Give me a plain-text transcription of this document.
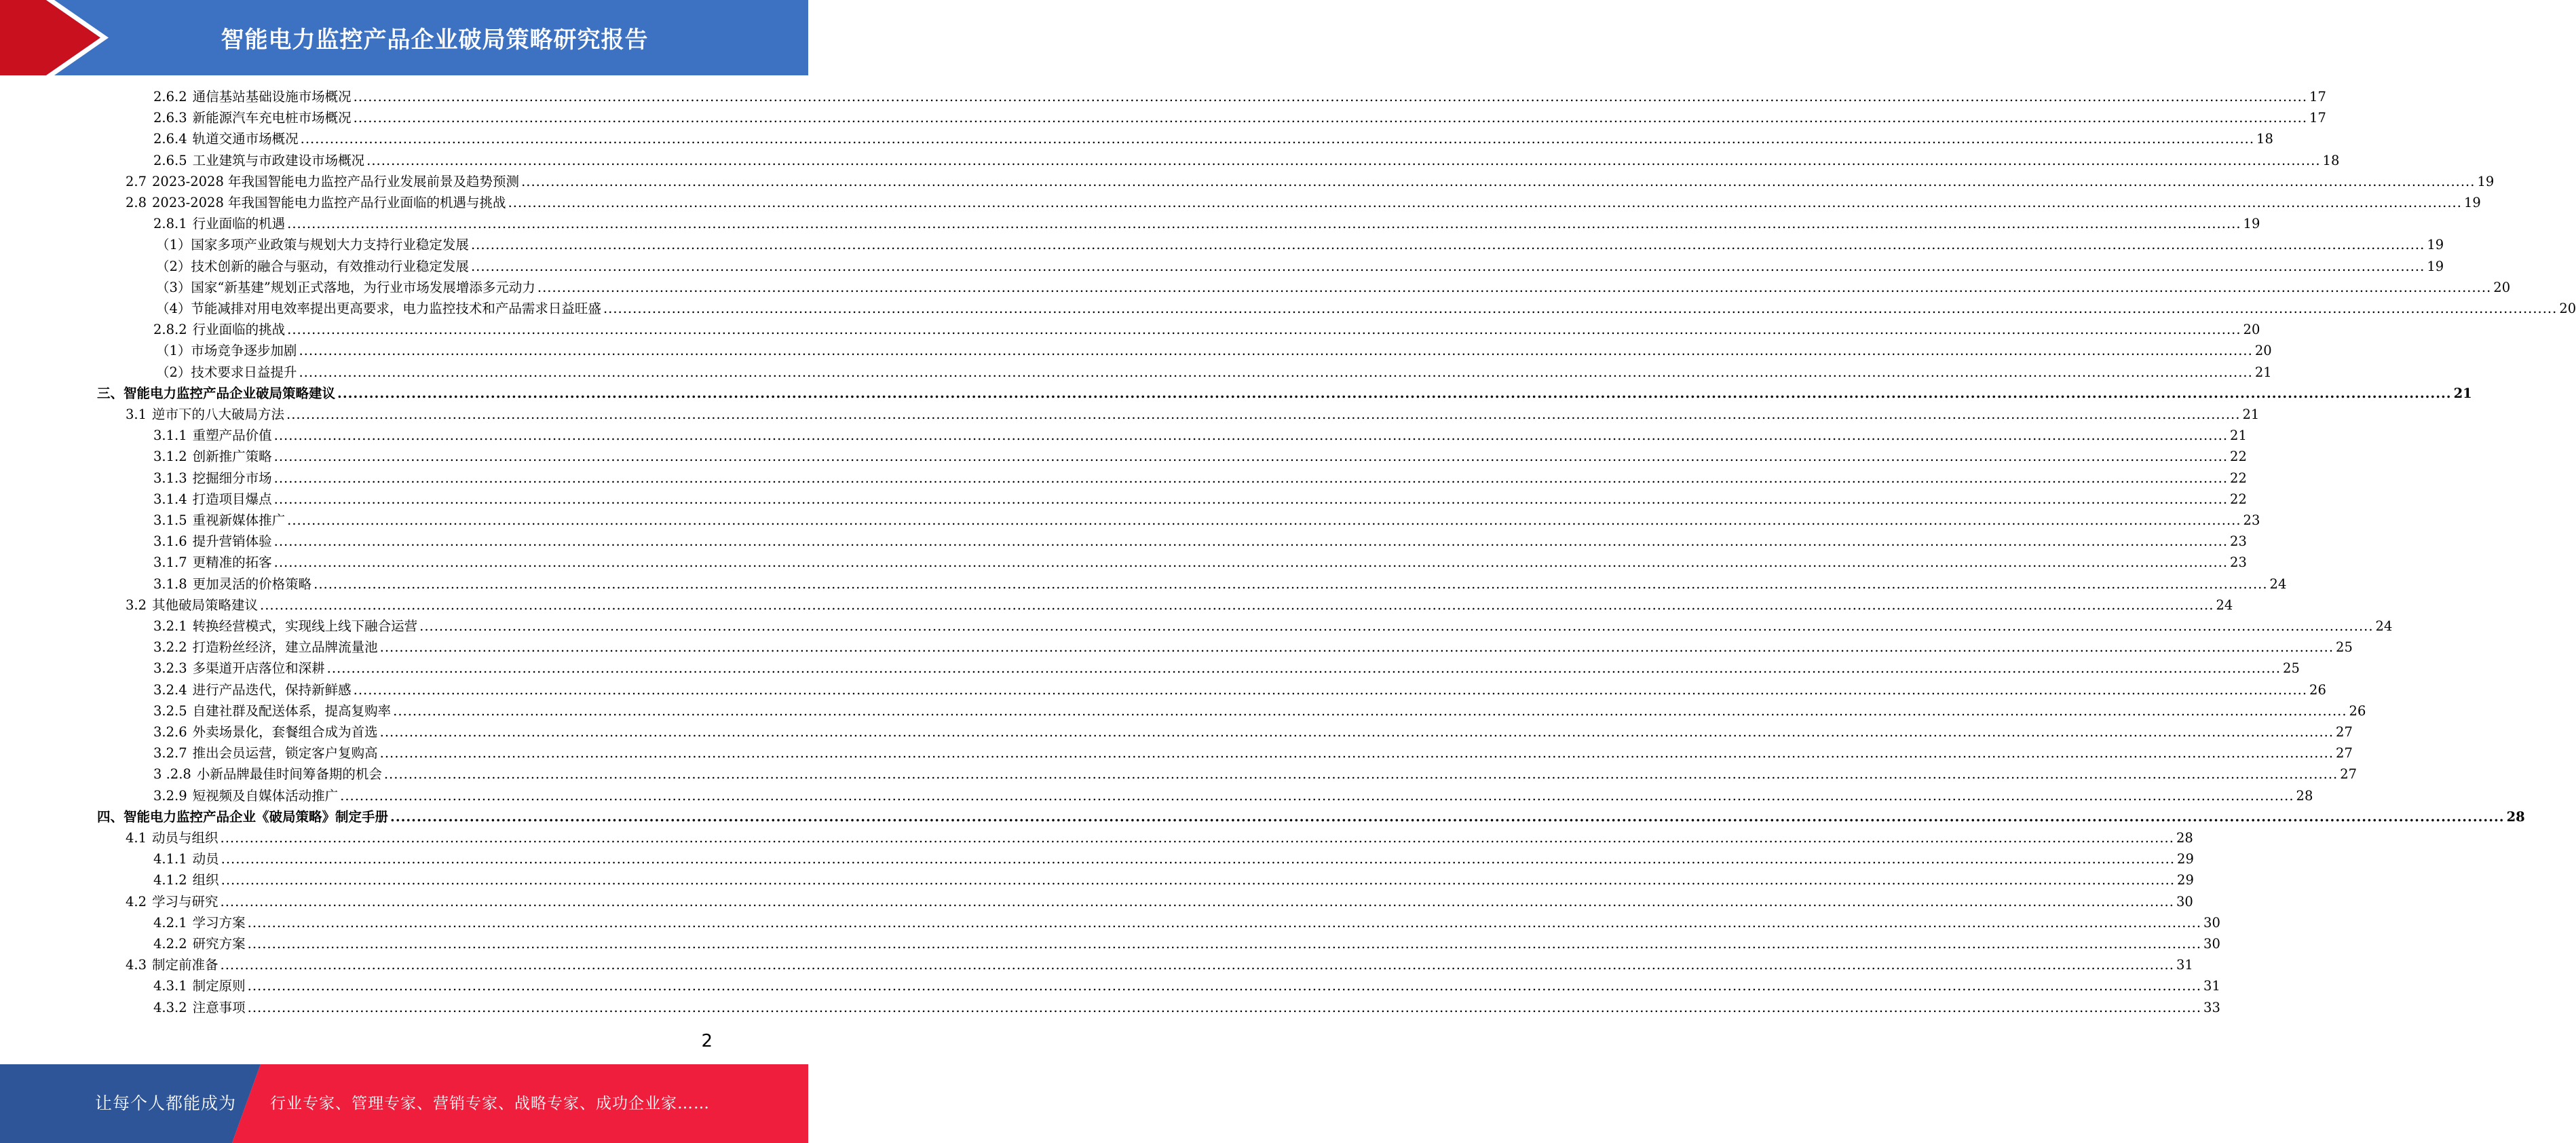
智能电力监控产品企业破局策略研究报告
2.6.2 通信基站基础设施市场概况 ................................................................................................................................................................................................................................................................................................................................................................................................................ 17
2.6.3 新能源汽车充电桩市场概况 ................................................................................................................................................................................................................................................................................................................................................................................................................ 17
2.6.4 轨道交通市场概况 ................................................................................................................................................................................................................................................................................................................................................................................................................ 18
2.6.5 工业建筑与市政建设市场概况 ................................................................................................................................................................................................................................................................................................................................................................................................................ 18
2.7 2023-2028 年我国智能电力监控产品行业发展前景及趋势预测 ................................................................................................................................................................................................................................................................................................................................................................................................................ 19
2.8 2023-2028 年我国智能电力监控产品行业面临的机遇与挑战 ................................................................................................................................................................................................................................................................................................................................................................................................................ 19
2.8.1 行业面临的机遇 ................................................................................................................................................................................................................................................................................................................................................................................................................ 19
（1） 国家多项产业政策与规划大力支持行业稳定发展 ................................................................................................................................................................................................................................................................................................................................................................................................................ 19
（2） 技术创新的融合与驱动，有效推动行业稳定发展 ................................................................................................................................................................................................................................................................................................................................................................................................................ 19
（3） 国家“新基建”规划正式落地，为行业市场发展增添多元动力 ................................................................................................................................................................................................................................................................................................................................................................................................................ 20
（4） 节能减排对用电效率提出更高要求，电力监控技术和产品需求日益旺盛 ................................................................................................................................................................................................................................................................................................................................................................................................................ 20
2.8.2 行业面临的挑战 ................................................................................................................................................................................................................................................................................................................................................................................................................ 20
（1） 市场竞争逐步加剧 ................................................................................................................................................................................................................................................................................................................................................................................................................ 20
（2） 技术要求日益提升 ................................................................................................................................................................................................................................................................................................................................................................................................................ 21
三、 智能电力监控产品企业破局策略建议 ................................................................................................................................................................................................................................................................................................................................................................................................................ 21
3.1 逆市下的八大破局方法 ................................................................................................................................................................................................................................................................................................................................................................................................................ 21
3.1.1 重塑产品价值 ................................................................................................................................................................................................................................................................................................................................................................................................................ 21
3.1.2 创新推广策略 ................................................................................................................................................................................................................................................................................................................................................................................................................ 22
3.1.3 挖掘细分市场 ................................................................................................................................................................................................................................................................................................................................................................................................................ 22
3.1.4 打造项目爆点 ................................................................................................................................................................................................................................................................................................................................................................................................................ 22
3.1.5 重视新媒体推广 ................................................................................................................................................................................................................................................................................................................................................................................................................ 23
3.1.6 提升营销体验 ................................................................................................................................................................................................................................................................................................................................................................................................................ 23
3.1.7 更精准的拓客 ................................................................................................................................................................................................................................................................................................................................................................................................................ 23
3.1.8 更加灵活的价格策略 ................................................................................................................................................................................................................................................................................................................................................................................................................ 24
3.2 其他破局策略建议 ................................................................................................................................................................................................................................................................................................................................................................................................................ 24
3.2.1 转换经营模式，实现线上线下融合运营 ................................................................................................................................................................................................................................................................................................................................................................................................................ 24
3.2.2 打造粉丝经济，建立品牌流量池 ................................................................................................................................................................................................................................................................................................................................................................................................................ 25
3.2.3 多渠道开店落位和深耕 ................................................................................................................................................................................................................................................................................................................................................................................................................ 25
3.2.4 进行产品迭代，保持新鲜感 ................................................................................................................................................................................................................................................................................................................................................................................................................ 26
3.2.5 自建社群及配送体系，提高复购率 ................................................................................................................................................................................................................................................................................................................................................................................................................ 26
3.2.6 外卖场景化，套餐组合成为首选 ................................................................................................................................................................................................................................................................................................................................................................................................................ 27
3.2.7 推出会员运营，锁定客户复购高 ................................................................................................................................................................................................................................................................................................................................................................................................................ 27
3 .2.8 小新品牌最佳时间筹备期的机会 ................................................................................................................................................................................................................................................................................................................................................................................................................ 27
3.2.9 短视频及自媒体活动推广 ................................................................................................................................................................................................................................................................................................................................................................................................................ 28
四、 智能电力监控产品企业《破局策略》制定手册 ................................................................................................................................................................................................................................................................................................................................................................................................................ 28
4.1 动员与组织 ................................................................................................................................................................................................................................................................................................................................................................................................................ 28
4.1.1 动员 ................................................................................................................................................................................................................................................................................................................................................................................................................ 29
4.1.2 组织 ................................................................................................................................................................................................................................................................................................................................................................................................................ 29
4.2 学习与研究 ................................................................................................................................................................................................................................................................................................................................................................................................................ 30
4.2.1 学习方案 ................................................................................................................................................................................................................................................................................................................................................................................................................ 30
4.2.2 研究方案 ................................................................................................................................................................................................................................................................................................................................................................................................................ 30
4.3 制定前准备 ................................................................................................................................................................................................................................................................................................................................................................................................................ 31
4.3.1 制定原则 ................................................................................................................................................................................................................................................................................................................................................................................................................ 31
4.3.2 注意事项 ................................................................................................................................................................................................................................................................................................................................................................................................................ 33
2
让每个人都能成为 行业专家、管理专家、营销专家、战略专家、成功企业家……
